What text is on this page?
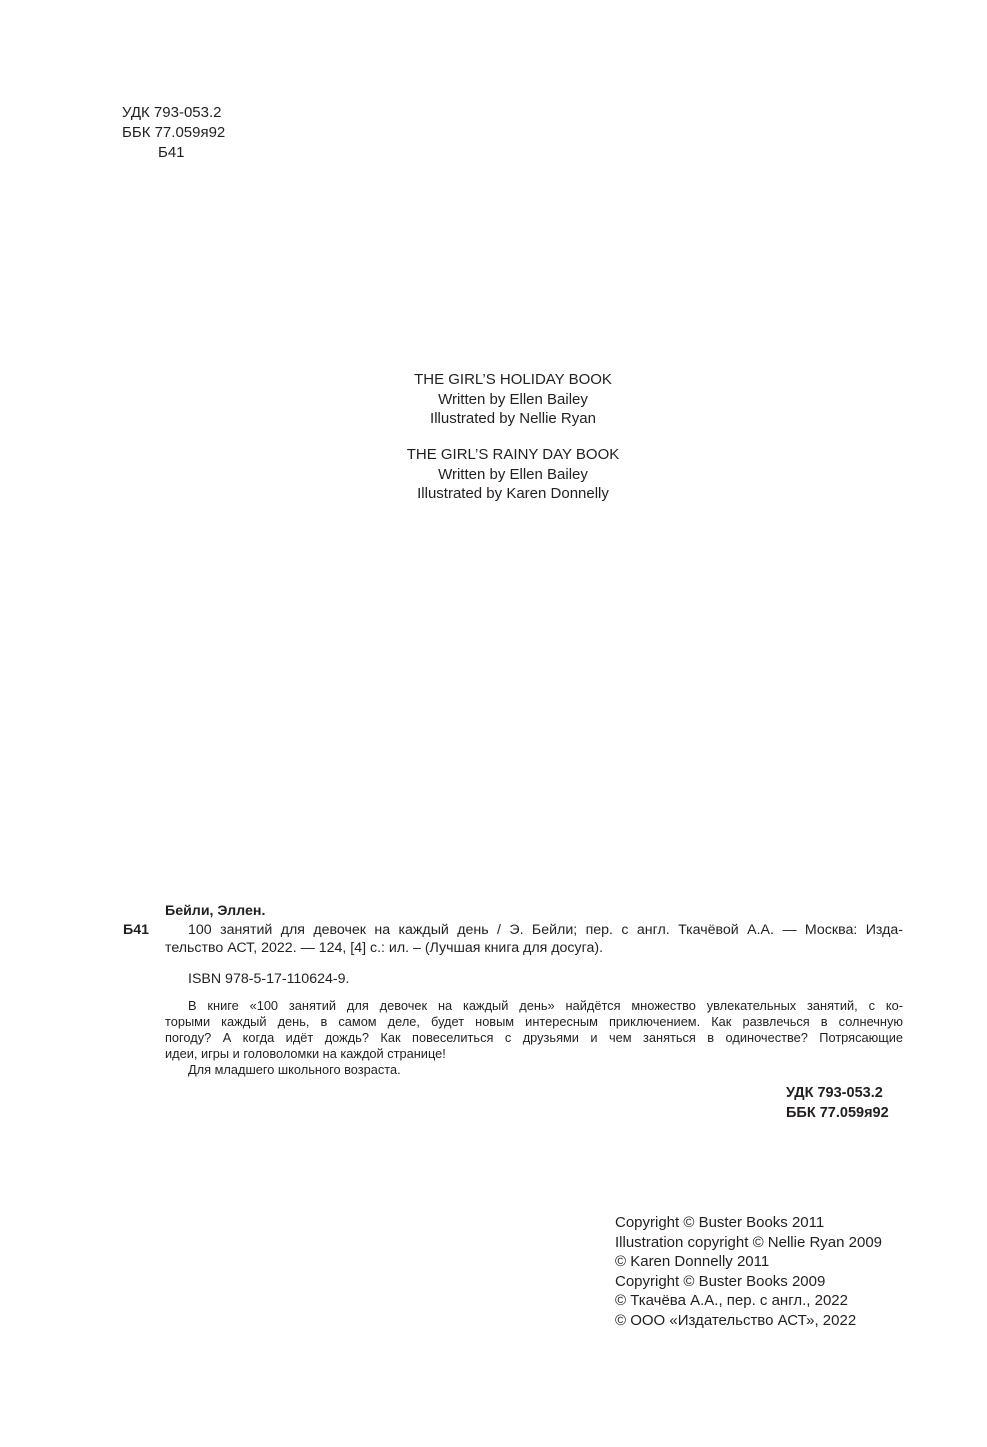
УДК 793-053.2
ББК 77.059я92
Б41
THE GIRL’S HOLIDAY BOOK
Written by Ellen Bailey
Illustrated by Nellie Ryan
THE GIRL’S RAINY DAY BOOK
Written by Ellen Bailey
Illustrated by Karen Donnelly
Бейли, Эллен.
Б41	100 занятий для девочек на каждый день / Э. Бейли; пер. с англ. Ткачёвой А.А. — Москва: Изда-
тельство АСТ, 2022. — 124, [4] с.: ил. – (Лучшая книга для досуга).
ISBN 978-5-17-110624-9.
В книге «100 занятий для девочек на каждый день» найдётся множество увлекательных занятий, с ко-
торыми каждый день, в самом деле, будет новым интересным приключением. Как развлечься в солнечную
погоду? А когда идёт дождь? Как повеселиться с друзьями и чем заняться в одиночестве? Потрясающие
идеи, игры и головоломки на каждой странице!
Для младшего школьного возраста.
УДК 793-053.2
ББК 77.059я92
Copyright © Buster Books 2011
Illustration copyright © Nellie Ryan 2009
© Karen Donnelly 2011
Copyright © Buster Books 2009
© Ткачёва А.А., пер. с англ., 2022
© ООО «Издательство АСТ», 2022
